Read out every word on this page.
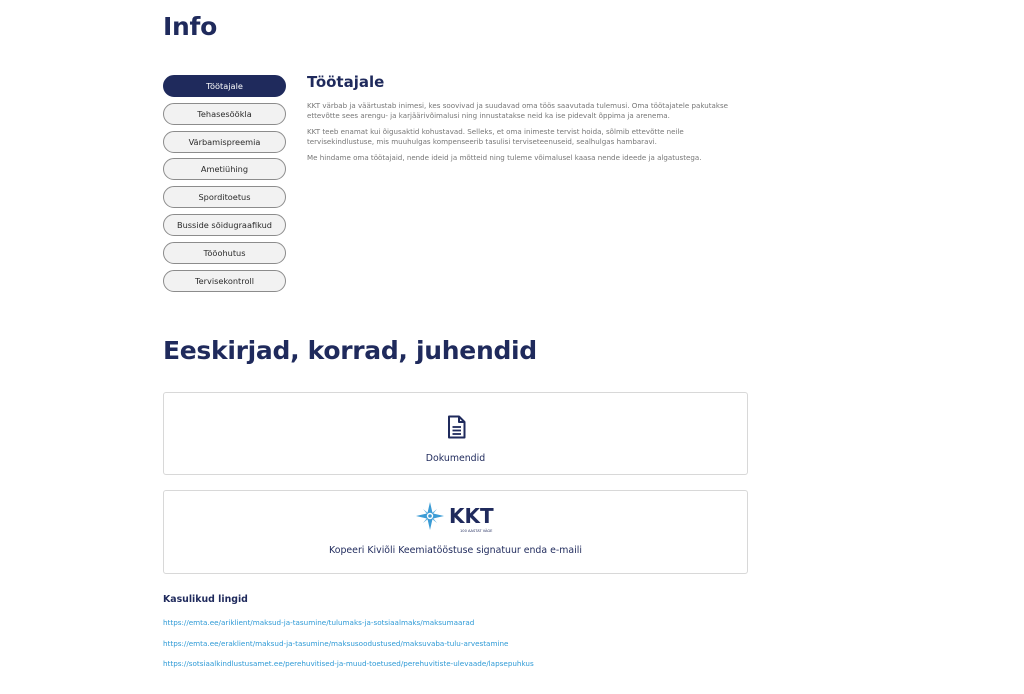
Info
Töötajale
Tehasesöökla
Värbamispreemia
Ametiühing
Sporditoetus
Busside sõidugraafikud
Tööohutus
Tervisekontroll
Töötajale

KKT värbab ja väärtustab inimesi, kes soovivad ja suudavad oma töös saavutada tulemusi. Oma töötajatele pakutakse ettevõtte sees arengu- ja karjäärivõimalusi ning innustatakse neid ka ise pidevalt õppima ja arenema.

KKT teeb enamat kui õigusaktid kohustavad. Selleks, et oma inimeste tervist hoida, sõlmib ettevõtte neile tervisekindlustuse, mis muuhulgas kompenseerib tasulisi terviseteenuseid, sealhulgas hambaravi.

Me hindame oma töötajaid, nende ideid ja mõtteid ning tuleme võimalusel kaasa nende ideede ja algatustega.

Eeskirjad, korrad, juhendid
Dokumendid
KKT
100 AASTAT VÄGE
Kopeeri Kiviõli Keemiatööstuse signatuur enda e-maili
Kasulikud lingid
https://emta.ee/ariklient/maksud-ja-tasumine/tulumaks-ja-sotsiaalmaks/maksumaarad
https://emta.ee/eraklient/maksud-ja-tasumine/maksusoodustused/maksuvaba-tulu-arvestamine
https://sotsiaalkindlustusamet.ee/perehuvitised-ja-muud-toetused/perehuvitiste-ulevaade/lapsepuhkus
